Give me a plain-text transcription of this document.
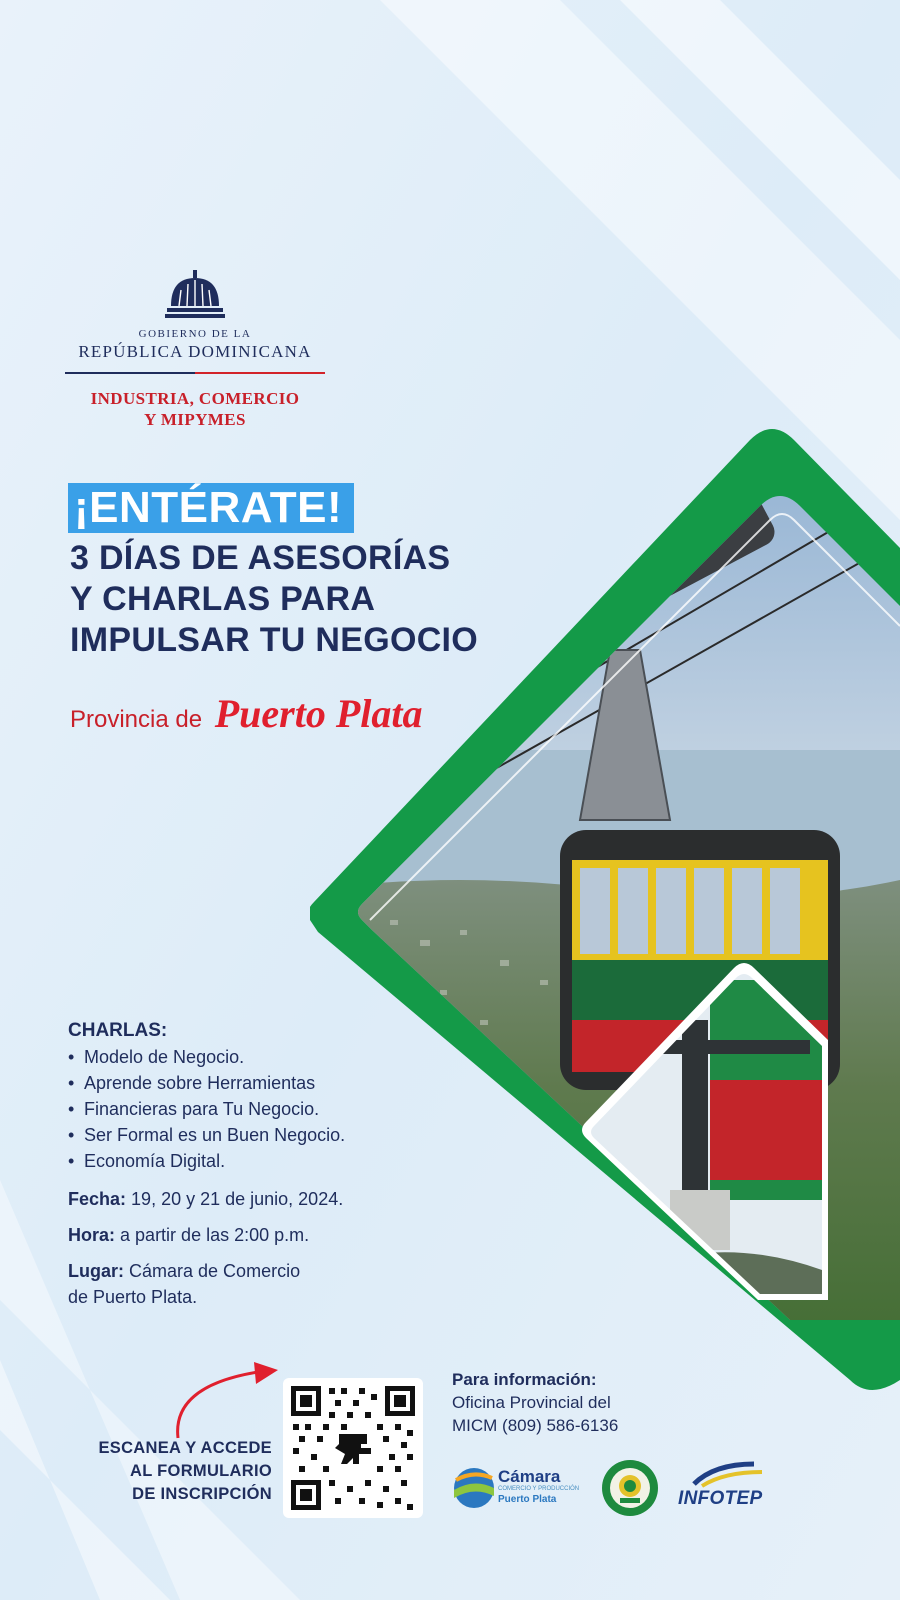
GOBIERNO DE LA
REPÚBLICA DOMINICANA
INDUSTRIA, COMERCIO
Y MIPYMES
¡ENTÉRATE!
3 DÍAS DE ASESORÍAS
Y CHARLAS PARA
IMPULSAR TU NEGOCIO
Provincia de Puerto Plata
CHARLAS:
• Modelo de Negocio.
• Aprende sobre Herramientas
• Financieras para Tu Negocio.
• Ser Formal es un Buen Negocio.
• Economía Digital.
Fecha: 19, 20 y 21 de junio, 2024.
Hora: a partir de las 2:00 p.m.
Lugar: Cámara de Comercio
de Puerto Plata.
ESCANEA Y ACCEDE
AL FORMULARIO
DE INSCRIPCIÓN
Para información:
Oficina Provincial del
MICM (809) 586-6136
Cámara
COMERCIO Y PRODUCCIÓN
Puerto Plata	INFOTEP
